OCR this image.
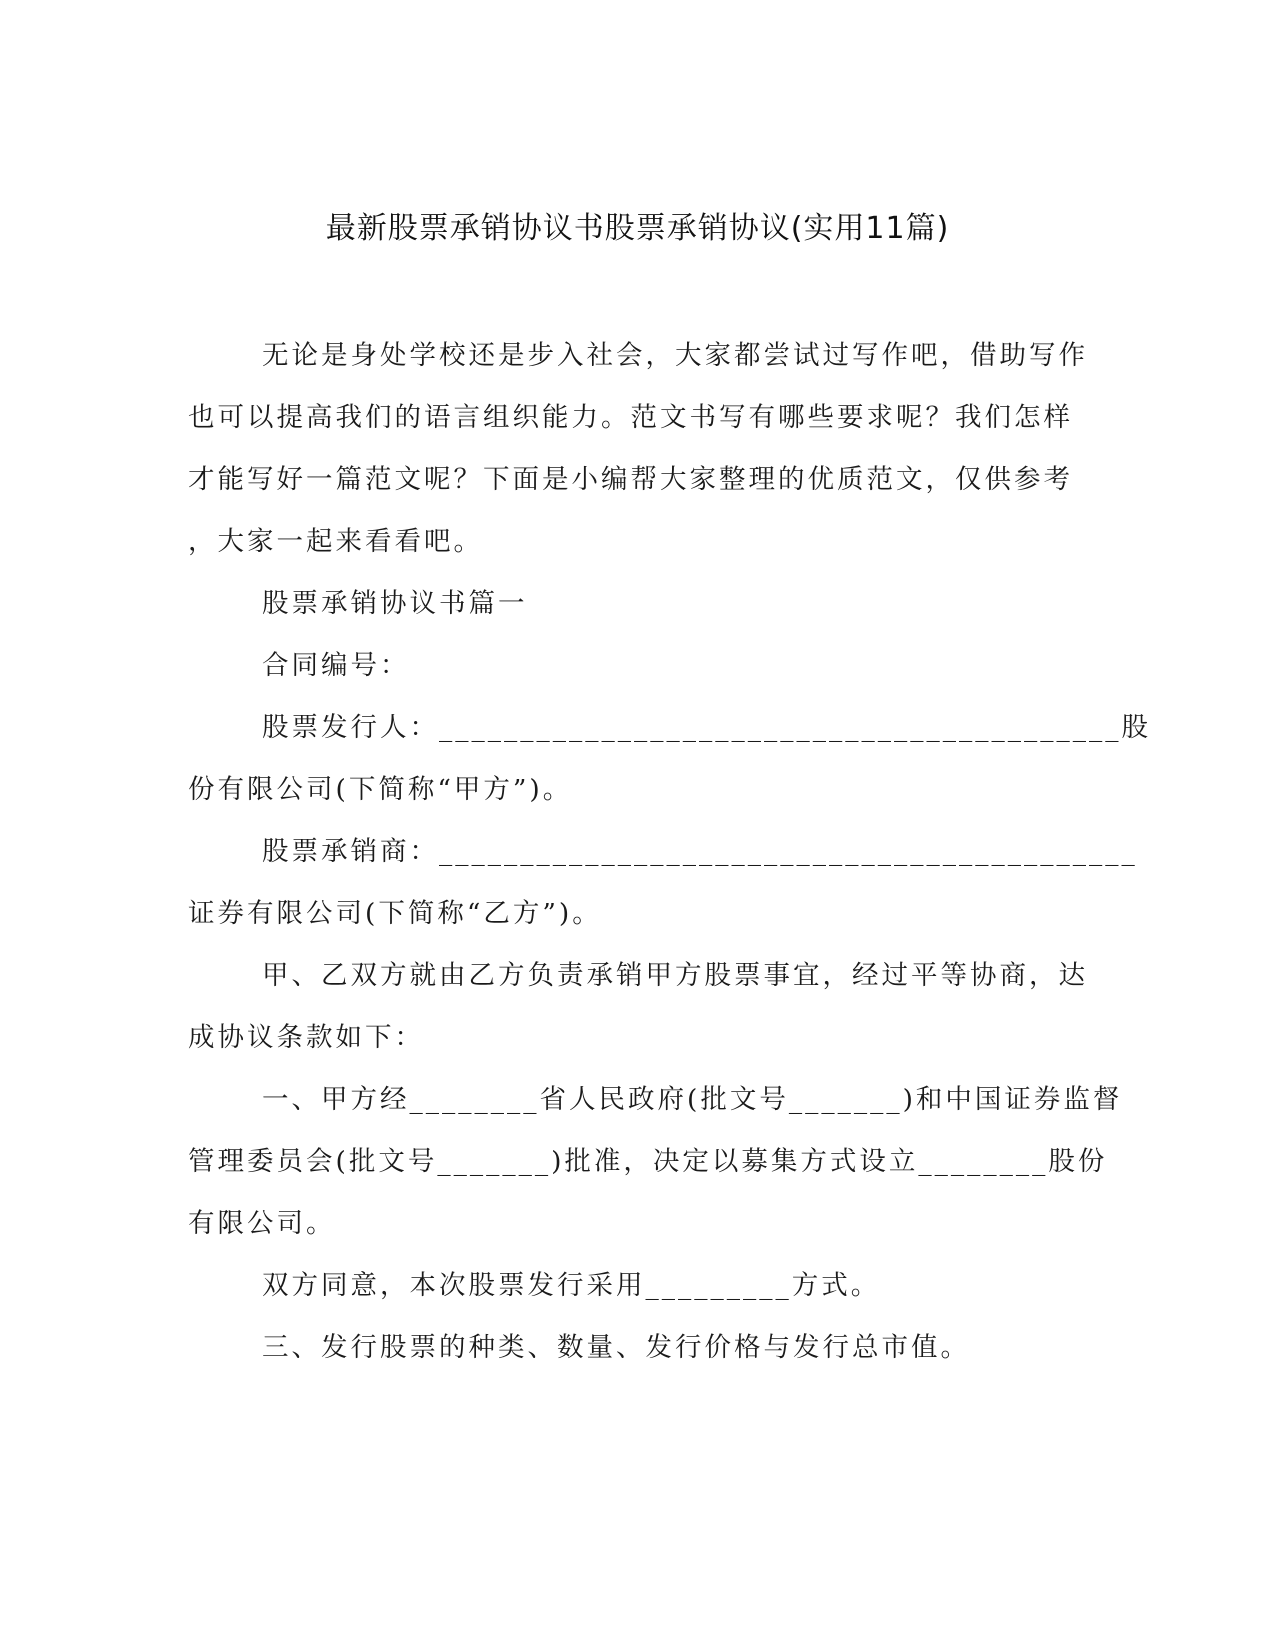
最新股票承销协议书股票承销协议(实用11篇)
无论是身处学校还是步入社会，大家都尝试过写作吧，借助写作
也可以提高我们的语言组织能力。范文书写有哪些要求呢？我们怎样
才能写好一篇范文呢？下面是小编帮大家整理的优质范文，仅供参考
，大家一起来看看吧。
股票承销协议书篇一
合同编号：
股票发行人：__________________________________________股
份有限公司(下简称“甲方”)。
股票承销商：___________________________________________
证券有限公司(下简称“乙方”)。
甲、乙双方就由乙方负责承销甲方股票事宜，经过平等协商，达
成协议条款如下：
一、甲方经________省人民政府(批文号_______)和中国证券监督
管理委员会(批文号_______)批准，决定以募集方式设立________股份
有限公司。
双方同意，本次股票发行采用_________方式。
三、发行股票的种类、数量、发行价格与发行总市值。
